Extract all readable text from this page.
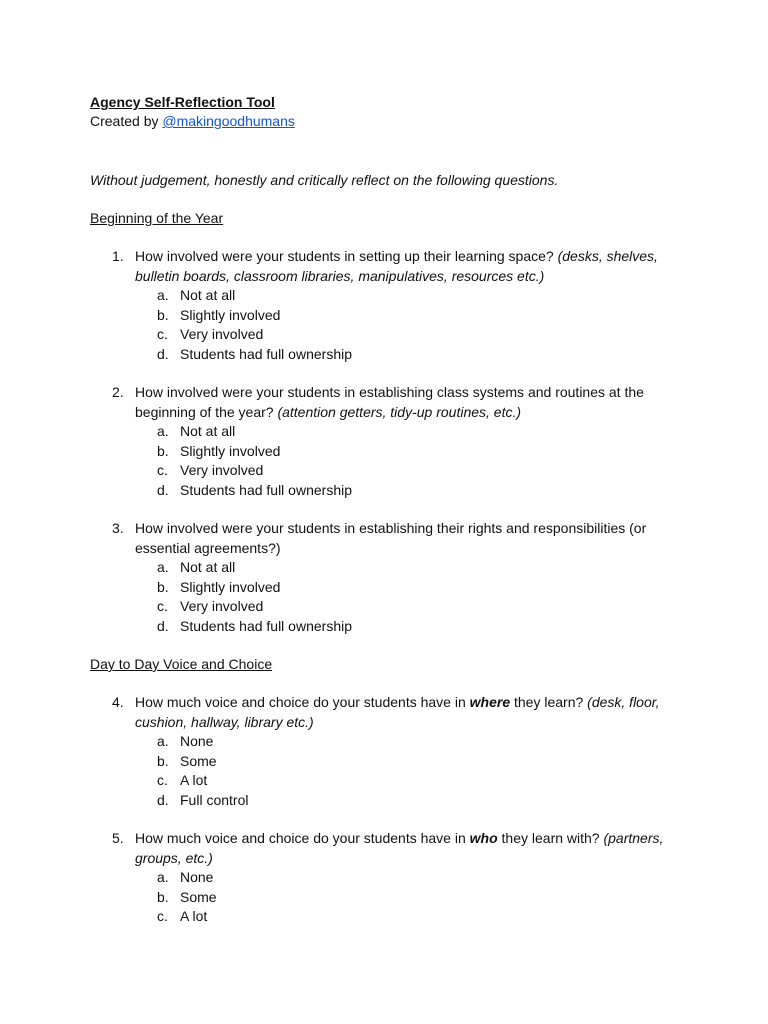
Agency Self-Reflection Tool
Created by @makingoodhumans
Without judgement, honestly and critically reflect on the following questions.
Beginning of the Year
1. How involved were your students in setting up their learning space? (desks, shelves, bulletin boards, classroom libraries, manipulatives, resources etc.)
a. Not at all
b. Slightly involved
c. Very involved
d. Students had full ownership
2. How involved were your students in establishing class systems and routines at the beginning of the year? (attention getters, tidy-up routines, etc.)
a. Not at all
b. Slightly involved
c. Very involved
d. Students had full ownership
3. How involved were your students in establishing their rights and responsibilities (or essential agreements?)
a. Not at all
b. Slightly involved
c. Very involved
d. Students had full ownership
Day to Day Voice and Choice
4. How much voice and choice do your students have in where they learn? (desk, floor, cushion, hallway, library etc.)
a. None
b. Some
c. A lot
d. Full control
5. How much voice and choice do your students have in who they learn with? (partners, groups, etc.)
a. None
b. Some
c. A lot
